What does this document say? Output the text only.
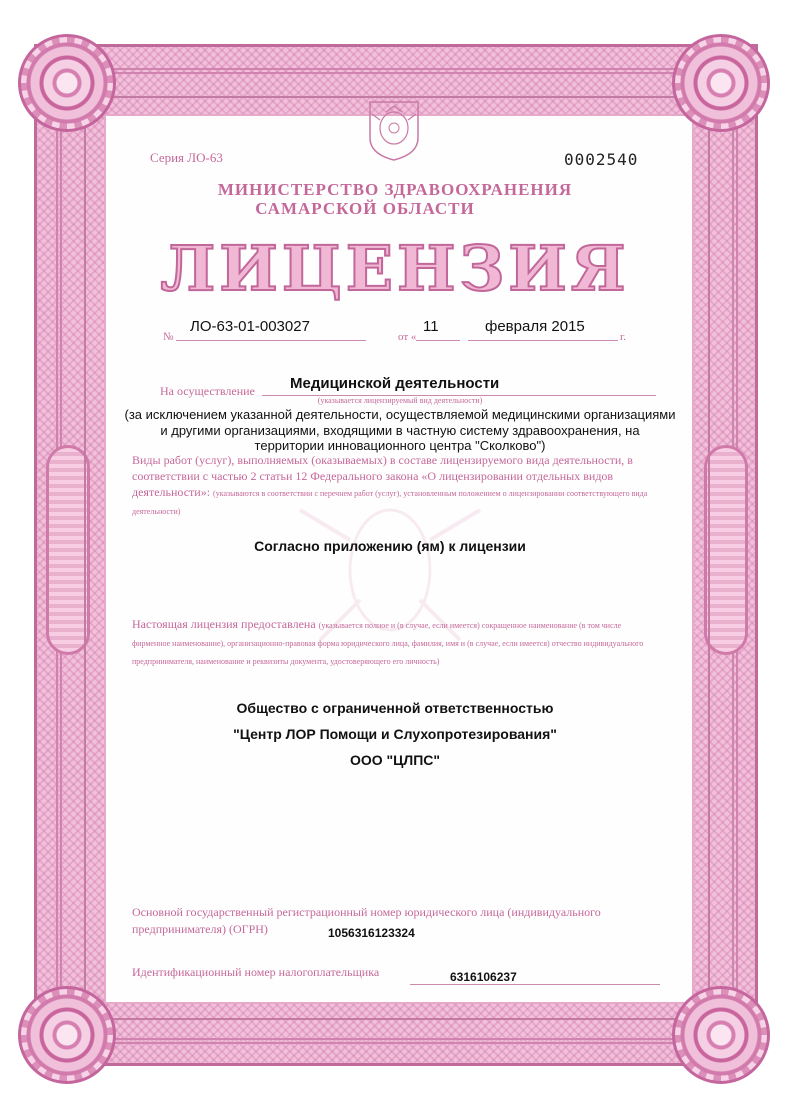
Серия ЛО-63	0002540

МИНИСТЕРСТВО ЗДРАВООХРАНЕНИЯ

САМАРСКОЙ ОБЛАСТИ

ЛИЦЕНЗИЯ

№

ЛО-63-01-003027

от «

11	февраля 2015

г.

На осуществление Медицинской деятельности

(указывается лицензируемый вид деятельности)

(за исключением указанной деятельности, осуществляемой медицинскими организациями

и другими организациями, входящими в частную систему здравоохранения, на

территории инновационного центра "Сколково")

Виды работ (услуг), выполняемых (оказываемых) в составе лицензируемого вида деятельности, в соответствии с частью 2 статьи 12 Федерального закона «О лицензировании отдельных видов деятельности»: (указываются в соответствии с перечнем работ (услуг), установленным положением о лицензировании соответствующего вида деятельности)

Согласно приложению (ям) к лицензии

Настоящая лицензия предоставлена (указывается полное и (в случае, если имеется) сокращенное наименование (в том числе фирменное наименование), организационно-правовая форма юридического лица, фамилия, имя и (в случае, если имеется) отчество индивидуального предпринимателя, наименование и реквизиты документа, удостоверяющего его личность)

Общество с ограниченной ответственностью

"Центр ЛОР Помощи и Слухопротезирования"

ООО "ЦЛПС"

Основной государственный регистрационный номер юридического лица (индивидуального предпринимателя) (ОГРН)	1056316123324

Идентификационный номер налогоплательщика	6316106237
